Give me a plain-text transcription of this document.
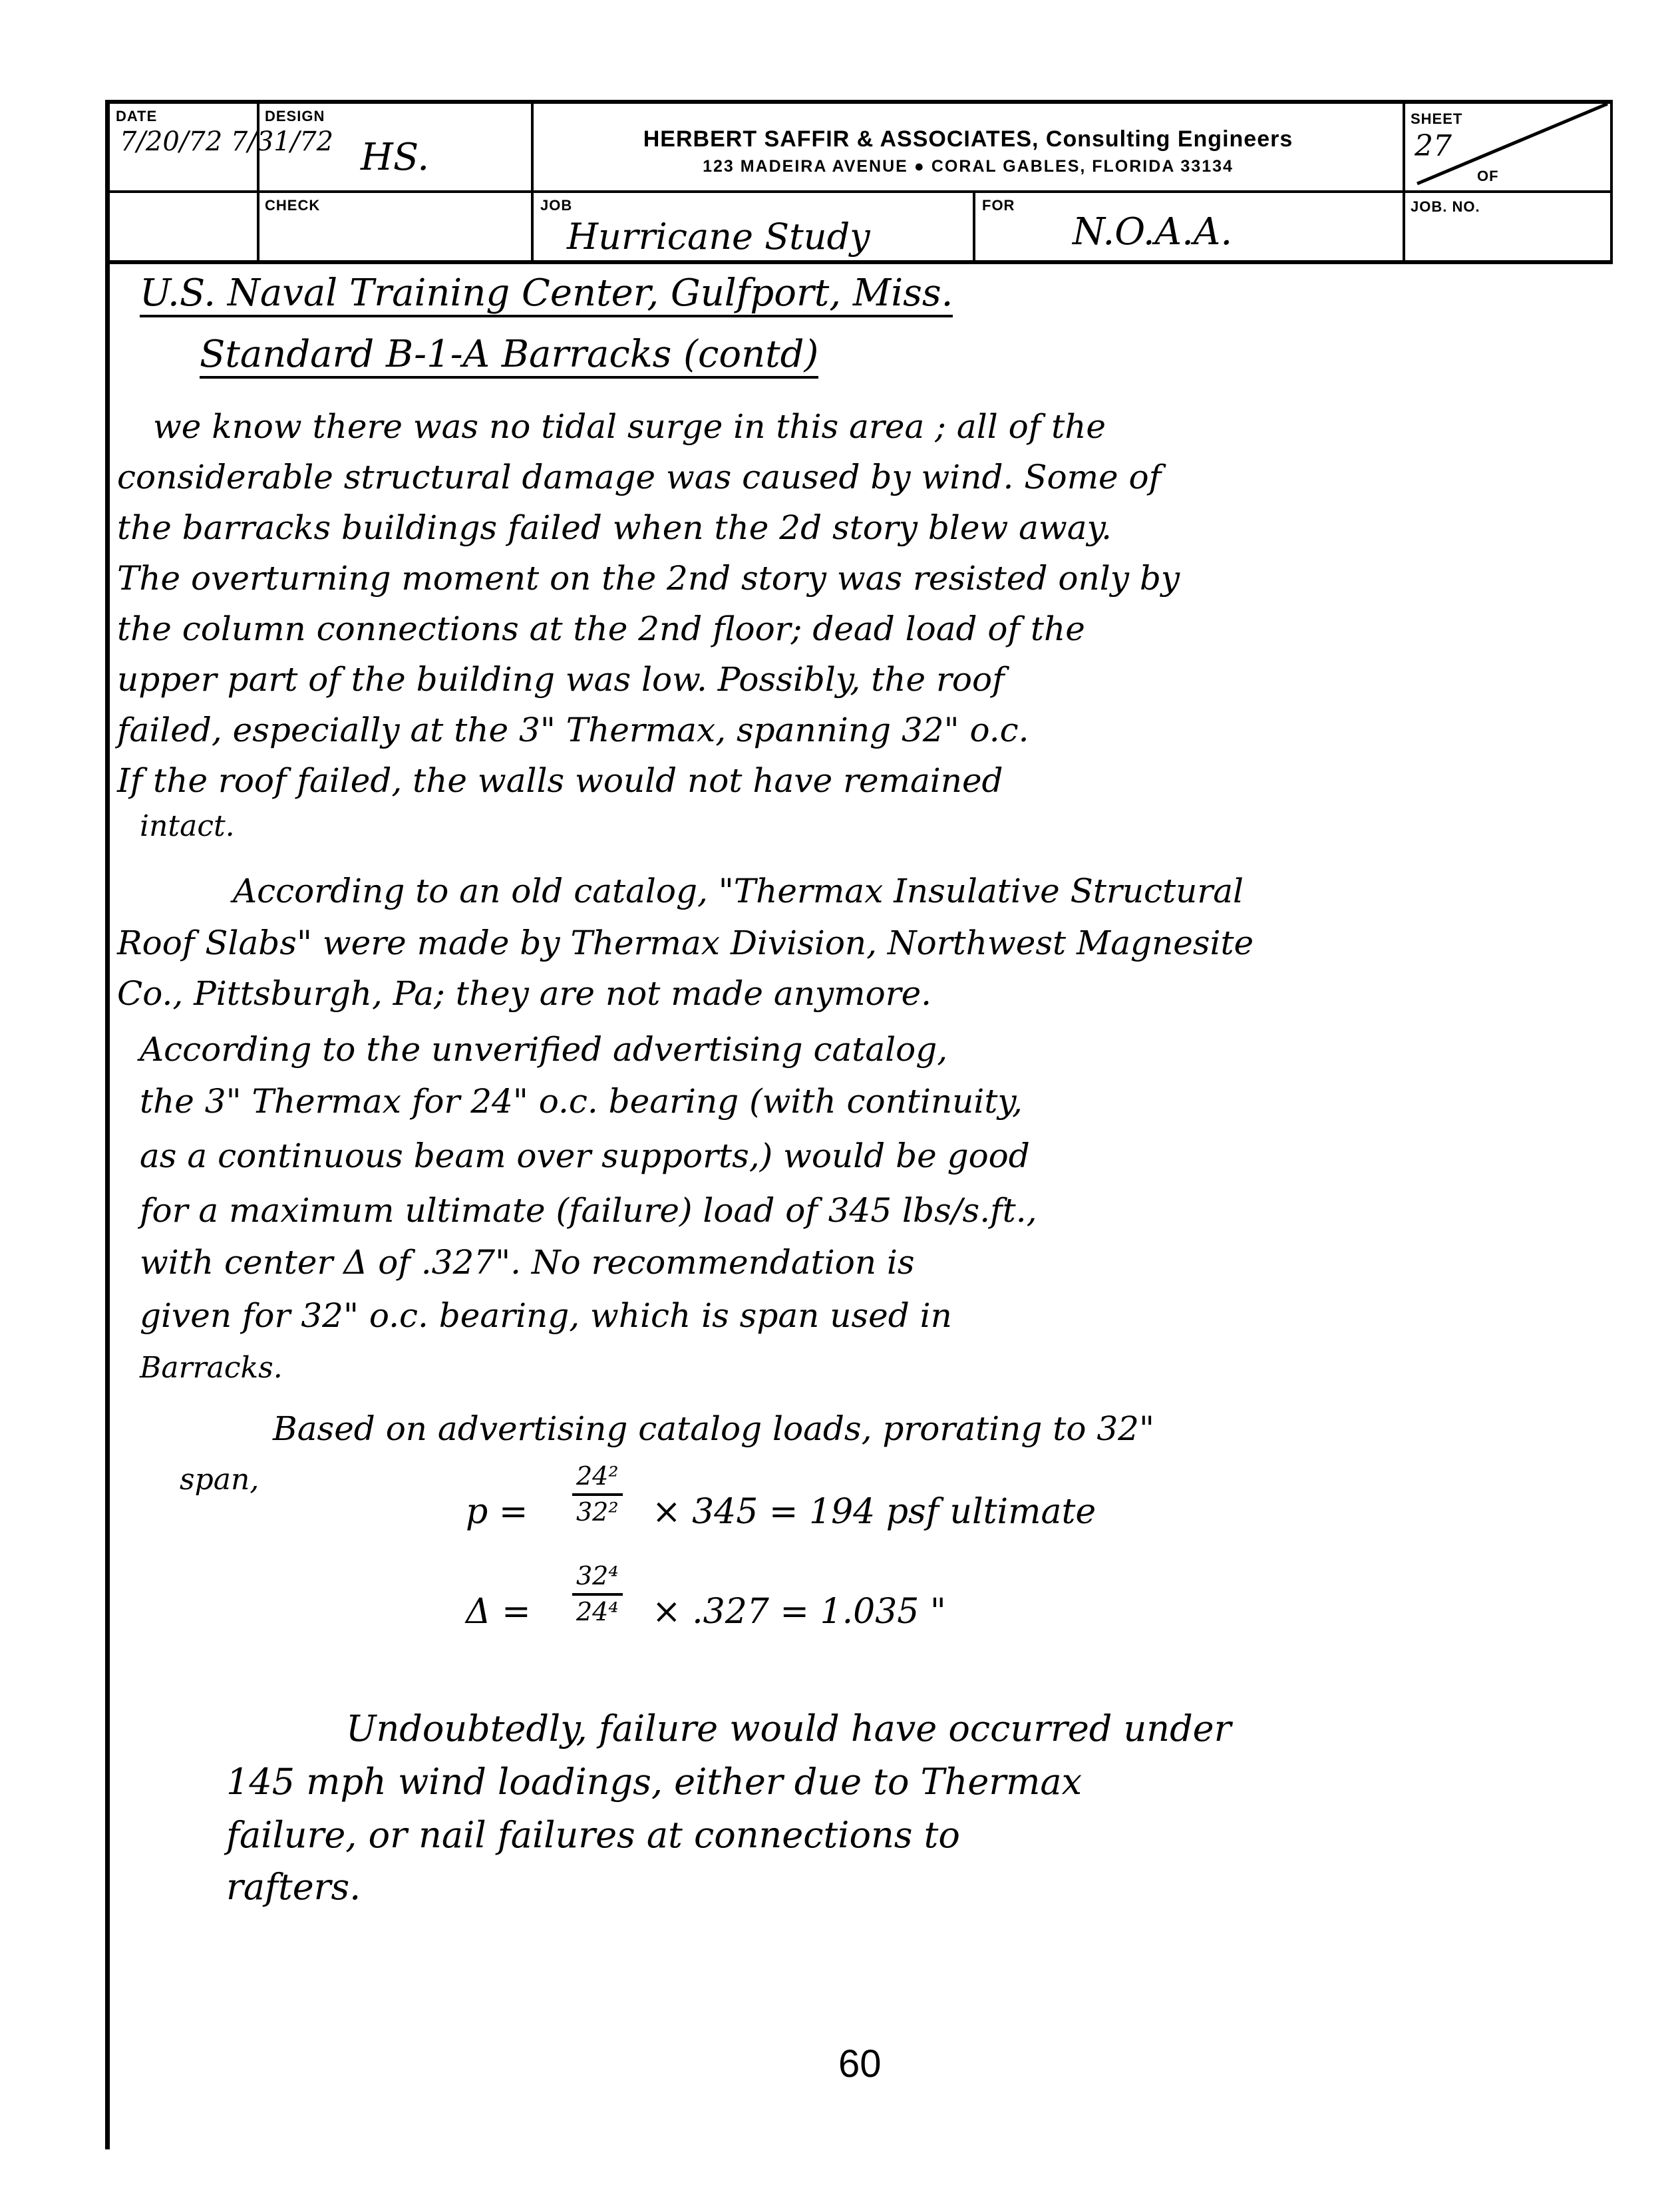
DATE
7/20/72 7/31/72
DESIGN
HS.
CHECK
HERBERT SAFFIR & ASSOCIATES, Consulting Engineers
123 MADEIRA AVENUE ● CORAL GABLES, FLORIDA 33134
JOB
Hurricane Study
FOR
N.O.A.A.
SHEET
27
OF
JOB. NO.
U.S. Naval Training Center, Gulfport, Miss.
Standard B-1-A Barracks (contd)
we know there was no tidal surge in this area ; all of the
considerable structural damage was caused by wind. Some of
the barracks buildings failed when the 2d story blew away.
The overturning moment on the 2nd story was resisted only by
the column connections at the 2nd floor; dead load of the
upper part of the building was low. Possibly, the roof
failed, especially at the 3" Thermax, spanning 32" o.c.
If the roof failed, the walls would not have remained
intact.
According to an old catalog, "Thermax Insulative Structural
Roof Slabs" were made by Thermax Division, Northwest Magnesite
Co., Pittsburgh, Pa; they are not made anymore.
According to the unverified advertising catalog,
the 3" Thermax for 24" o.c. bearing (with continuity,
as a continuous beam over supports,) would be good
for a maximum ultimate (failure) load of 345 lbs/s.ft.,
with center Δ of .327". No recommendation is
given for 32" o.c. bearing, which is span used in
Barracks.
Based on advertising catalog loads, prorating to 32"
span,
$p = \frac{\text{24²}}{\text{32²}} \times 345 = 194$ psf ultimate
$\Delta = \frac{\text{32⁴}}{\text{24⁴}} \times .327 = 1.035$ "
Undoubtedly, failure would have occurred under
145 mph wind loadings, either due to Thermax
failure, or nail failures at connections to
rafters.
60
